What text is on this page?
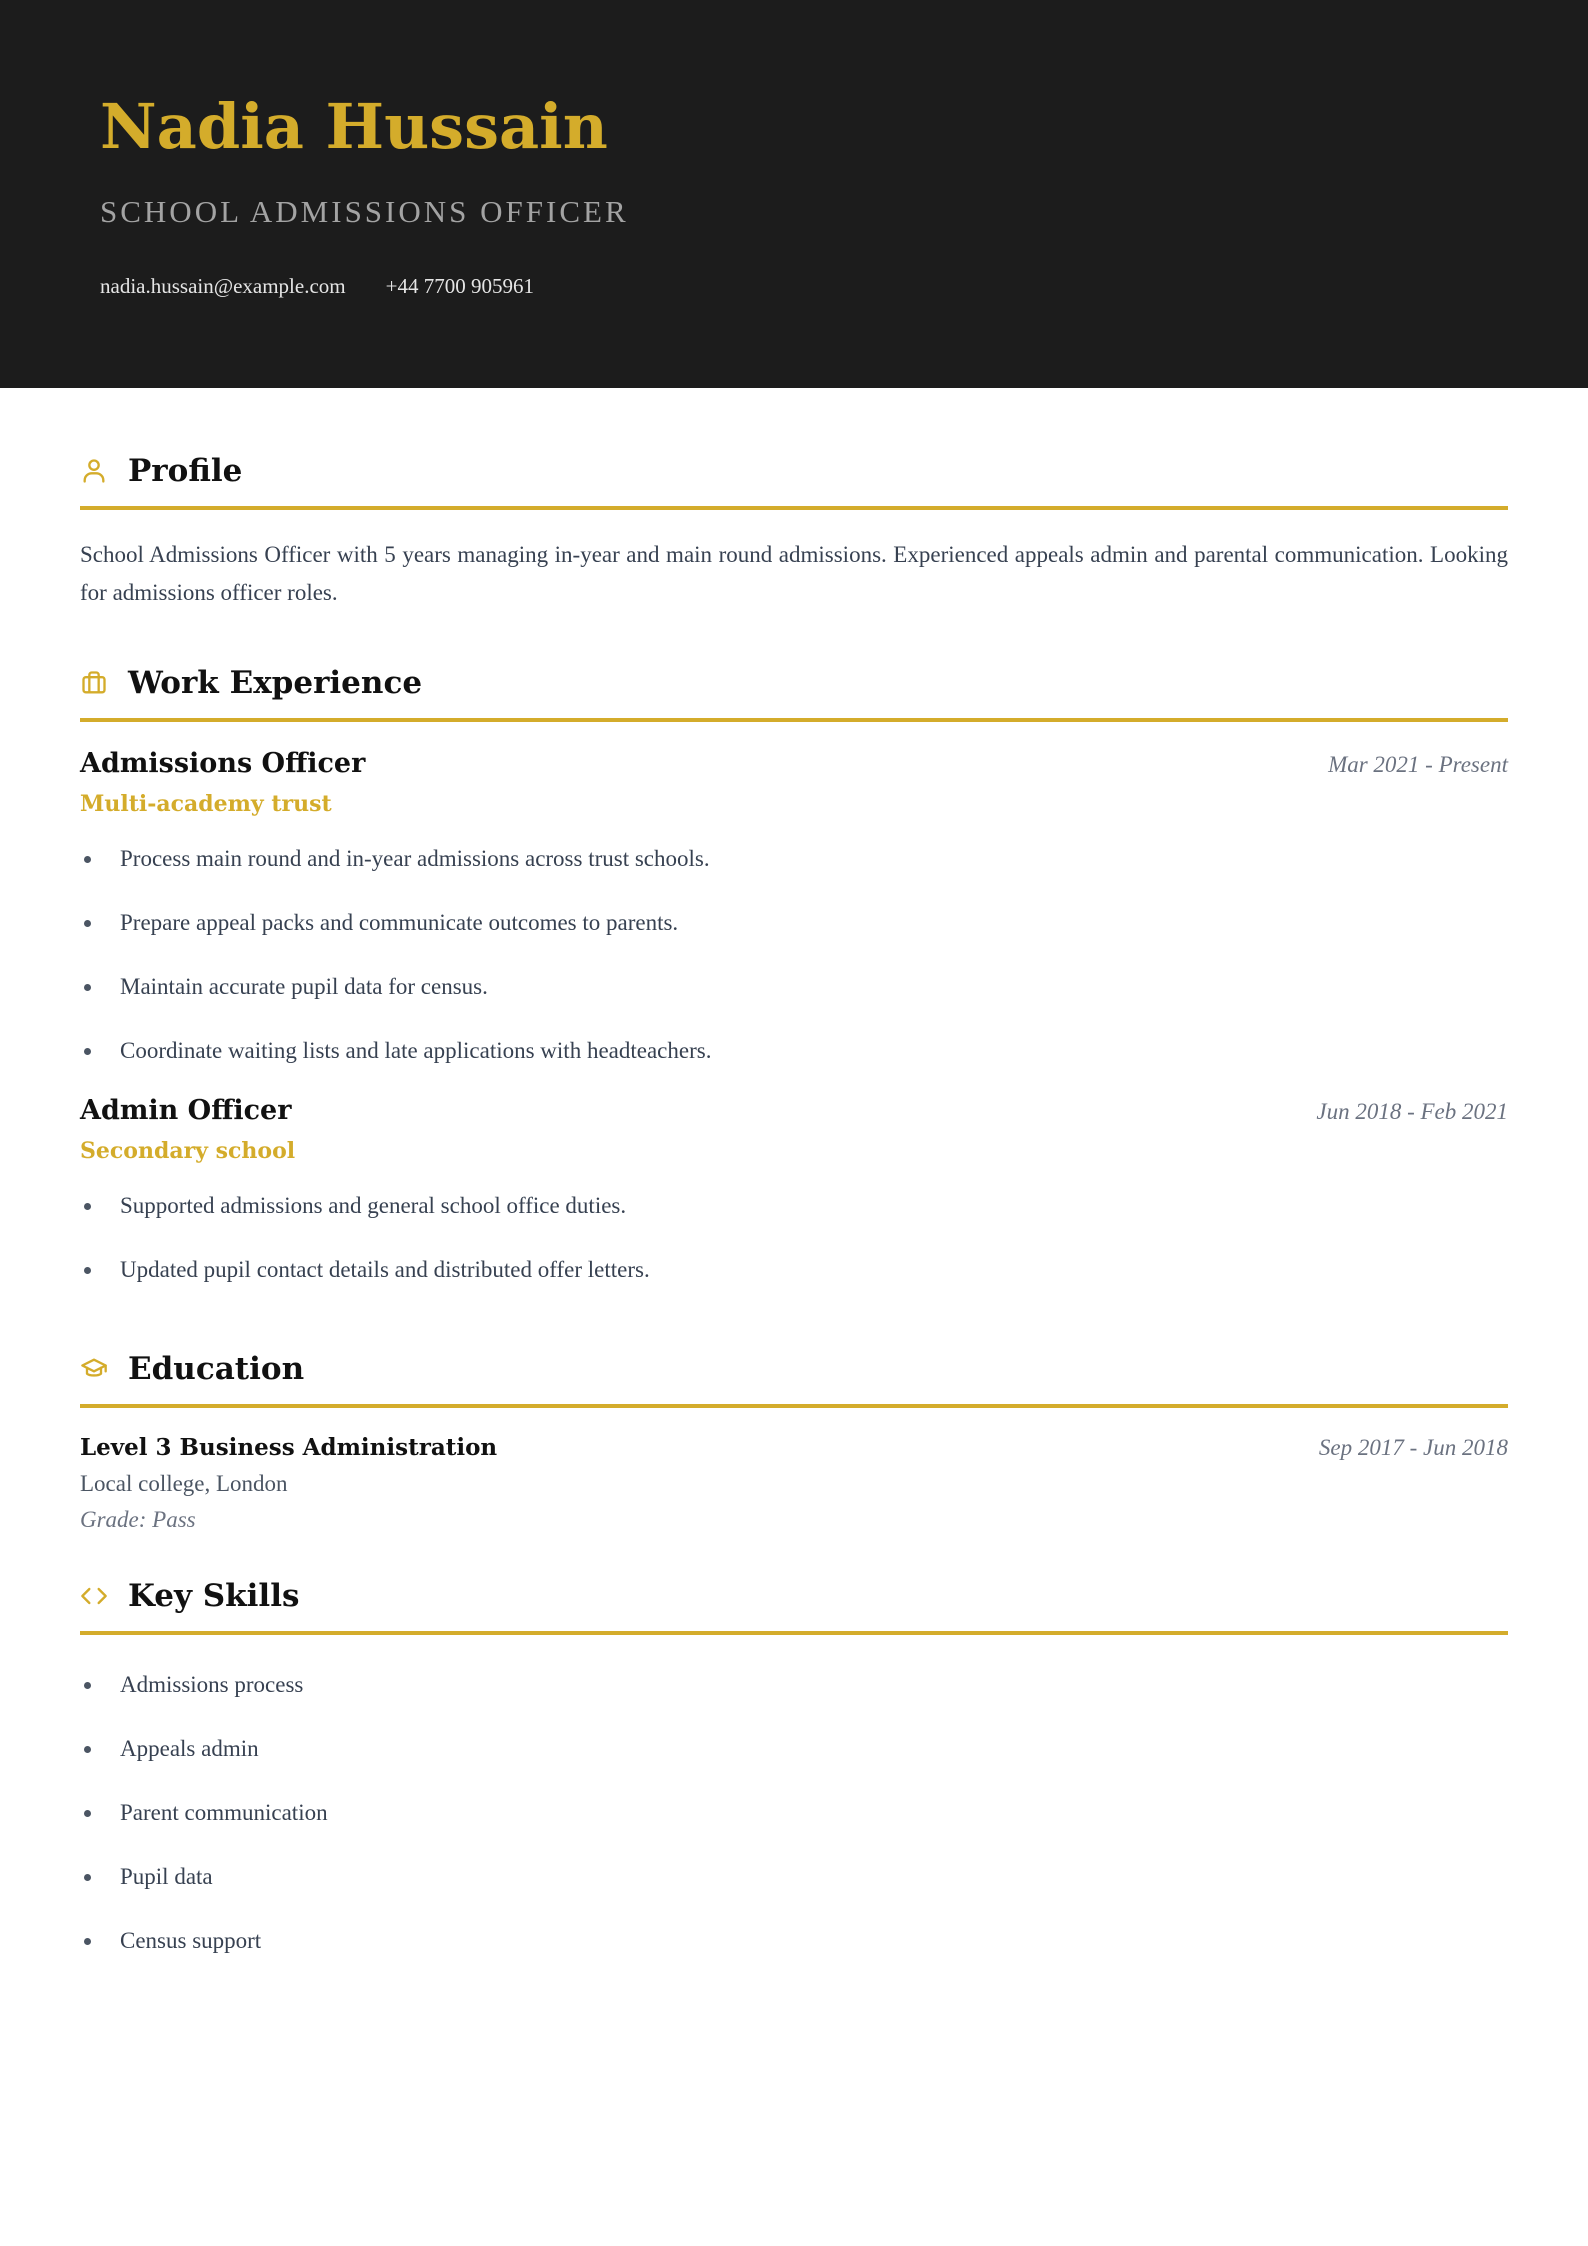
Nadia Hussain
SCHOOL ADMISSIONS OFFICER
nadia.hussain@example.com +44 7700 905961
Profile
School Admissions Officer with 5 years managing in-year and main round admissions. Experienced appeals admin and parental communication. Looking for admissions officer roles.
Work Experience
Admissions Officer	Mar 2021 - Present
Multi-academy trust
Process main round and in-year admissions across trust schools.
Prepare appeal packs and communicate outcomes to parents.
Maintain accurate pupil data for census.
Coordinate waiting lists and late applications with headteachers.
Admin Officer	Jun 2018 - Feb 2021
Secondary school
Supported admissions and general school office duties.
Updated pupil contact details and distributed offer letters.
Education
Level 3 Business Administration	Sep 2017 - Jun 2018
Local college, London
Grade: Pass
Key Skills
Admissions process
Appeals admin
Parent communication
Pupil data
Census support
